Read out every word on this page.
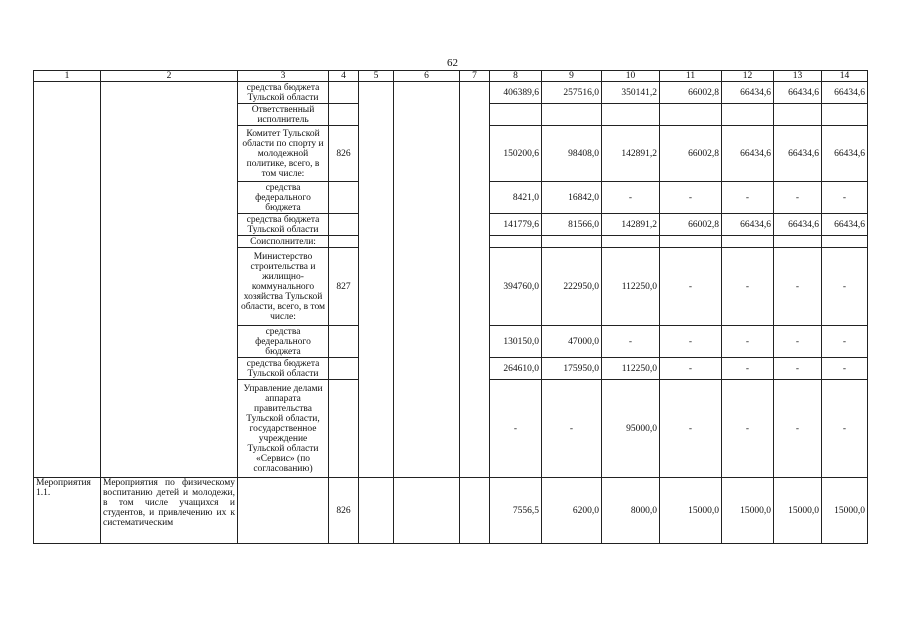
62
1	2	3	4	5	6	7	8	9	10	11	12	13	14
		средства бюджета Тульской области					406389,6	257516,0	350141,2	66002,8	66434,6	66434,6	66434,6
		Ответственный исполнитель											
		Комитет Тульской области по спорту и молодежной политике, всего, в том числе:	826				150200,6	98408,0	142891,2	66002,8	66434,6	66434,6	66434,6
		средства федерального бюджета					8421,0	16842,0	-	-	-	-	-
		средства бюджета Тульской области					141779,6	81566,0	142891,2	66002,8	66434,6	66434,6	66434,6
		Соисполнители:											
		Министерство строительства и жилищно-коммунального хозяйства Тульской области, всего, в том числе:	827				394760,0	222950,0	112250,0	-	-	-	-
		средства федерального бюджета					130150,0	47000,0	-	-	-	-	-
		средства бюджета Тульской области					264610,0	175950,0	112250,0	-	-	-	-
		Управление делами аппарата правительства Тульской области, государственное учреждение Тульской области «Сервис» (по согласованию)					-	-	95000,0	-	-	-	-
Мероприятия 1.1.	Мероприятия по физическому воспитанию детей и молодежи, в том числе учащихся и студентов, и привлечению их к систематическим		826				7556,5	6200,0	8000,0	15000,0	15000,0	15000,0	15000,0
